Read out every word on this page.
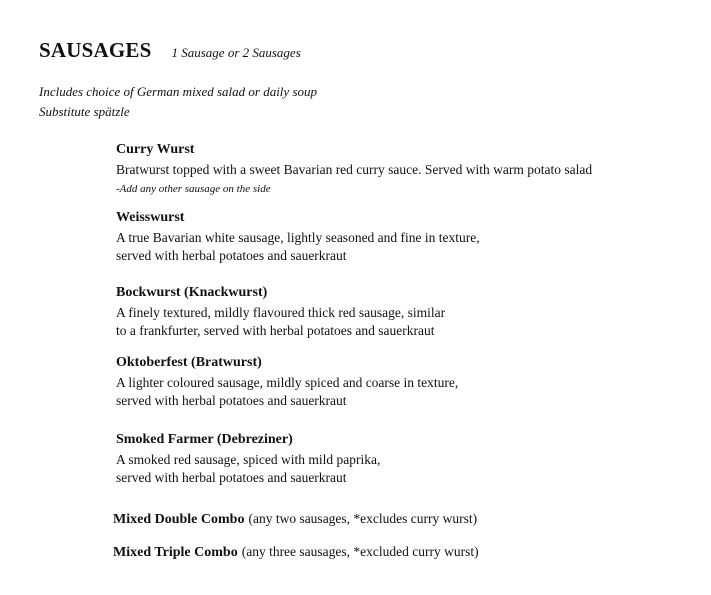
SAUSAGES 1 Sausage or 2 Sausages
Includes choice of German mixed salad or daily soup
Substitute spätzle
Curry Wurst
Bratwurst topped with a sweet Bavarian red curry sauce. Served with warm potato salad
-Add any other sausage on the side
Weisswurst
A true Bavarian white sausage, lightly seasoned and fine in texture,
served with herbal potatoes and sauerkraut
Bockwurst (Knackwurst)
A finely textured, mildly flavoured thick red sausage, similar
to a frankfurter, served with herbal potatoes and sauerkraut
Oktoberfest (Bratwurst)
A lighter coloured sausage, mildly spiced and coarse in texture,
served with herbal potatoes and sauerkraut
Smoked Farmer (Debreziner)
A smoked red sausage, spiced with mild paprika,
served with herbal potatoes and sauerkraut
Mixed Double Combo (any two sausages, *excludes curry wurst)
Mixed Triple Combo (any three sausages, *excluded curry wurst)
